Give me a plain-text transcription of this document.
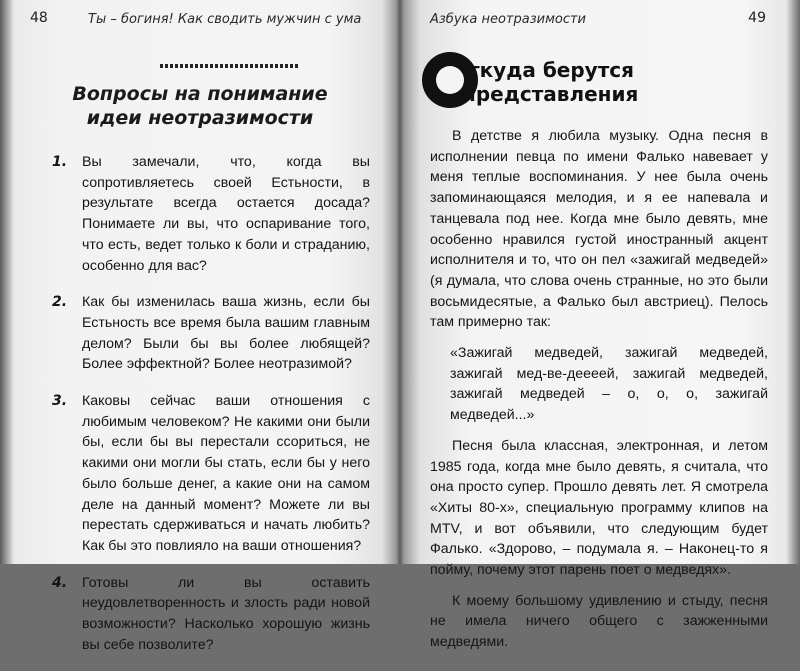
48	Ты – богиня! Как сводить мужчин с ума
Вопросы на понимание
идеи неотразимости
1.	Вы замечали, что, когда вы сопротивляетесь своей Естьности, в результате всегда остается досада? Понимаете ли вы, что оспаривание того, что есть, ведет только к боли и страданию, особенно для вас?
2.	Как бы изменилась ваша жизнь, если бы Естьность все время была вашим главным делом? Были бы вы более любящей? Более эффектной? Более неотразимой?
3.	Каковы сейчас ваши отношения с любимым человеком? Не какими они были бы, если бы вы перестали ссориться, не какими они могли бы стать, если бы у него было больше денег, а какие они на самом деле на данный момент? Можете ли вы перестать сдерживаться и начать любить? Как бы это повлияло на ваши отношения?
4.	Готовы ли вы оставить неудовлетворенность и злость ради новой возможности? Насколько хорошую жизнь вы себе позволите?
Азбука неотразимости	49
ткуда берутся
представления

В детстве я любила музыку. Одна песня в исполнении певца по имени Фалько навевает у меня теплые воспоминания. У нее была очень запоминающаяся мелодия, и я ее напевала и танцевала под нее. Когда мне было девять, мне особенно нравился густой иностранный акцент исполнителя и то, что он пел «зажигай медведей» (я думала, что слова очень странные, но это были восьмидесятые, а Фалько был австриец). Пелось там примерно так:

«Зажигай медведей, зажигай медведей, зажигай мед-ве-деееей, зажигай медведей, зажигай медведей – о, о, о, зажигай медведей...»

Песня была классная, электронная, и летом 1985 года, когда мне было девять, я считала, что она просто супер. Прошло девять лет. Я смотрела «Хиты 80-х», специальную программу клипов на MTV, и вот объявили, что следующим будет Фалько. «Здорово, – подумала я. – Наконец-то я пойму, почему этот парень поет о медведях».

К моему большому удивлению и стыду, песня не имела ничего общего с зажженными медведями.
